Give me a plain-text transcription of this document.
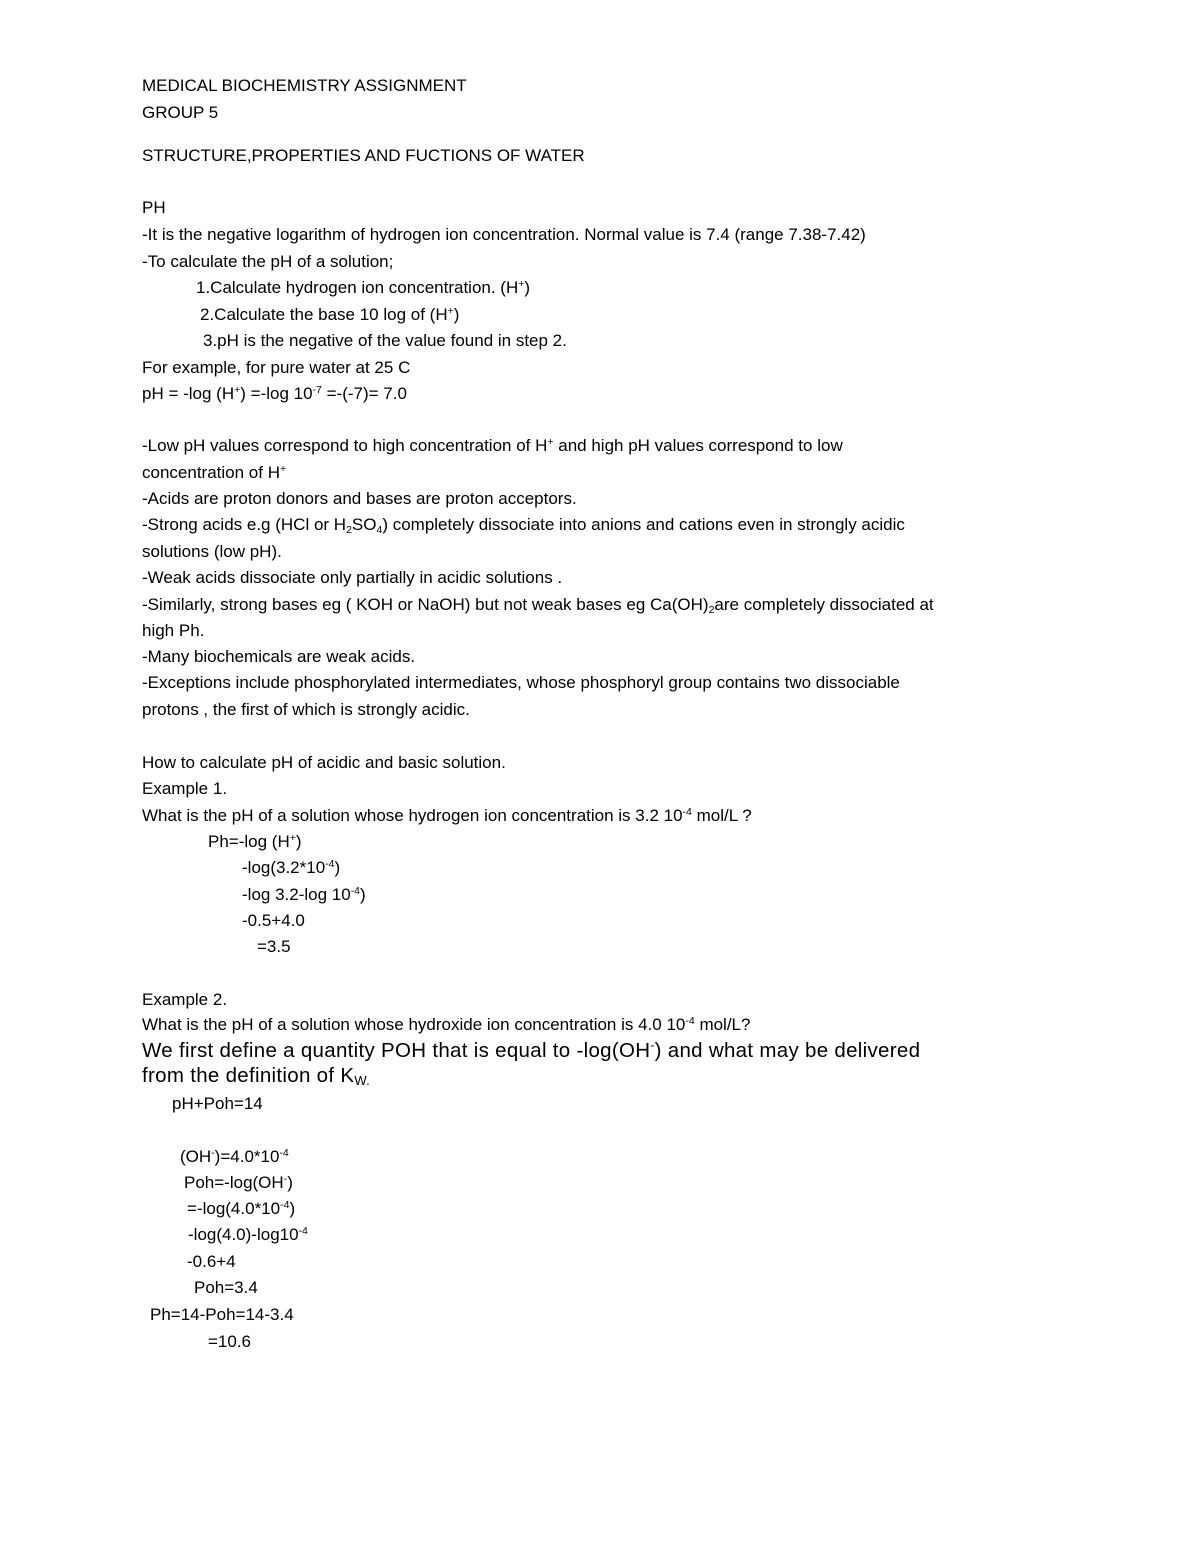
MEDICAL BIOCHEMISTRY ASSIGNMENT
GROUP 5
STRUCTURE,PROPERTIES AND FUCTIONS OF WATER
PH
-It is the negative logarithm of hydrogen ion concentration. Normal value is 7.4 (range 7.38-7.42)
-To calculate the pH of a solution;
1.Calculate hydrogen ion concentration. (H+)
2.Calculate the base 10 log of (H+)
3.pH is the negative of the value found in step 2.
For example, for pure water at 25 C
pH = -log (H+) =-log $10^{-7} =-(-7)= 7.0$
-Low pH values correspond to high concentration of H+ and high pH values correspond to low
concentration of H+
-Acids are proton donors and bases are proton acceptors.
-Strong acids e.g (HCl or $H_2SO_4$) completely dissociate into anions and cations even in strongly acidic
solutions (low pH).
-Weak acids dissociate only partially in acidic solutions .
-Similarly, strong bases eg ( KOH or NaOH) but not weak bases eg $Ca(OH)_2are$ completely dissociated at
high Ph.
-Many biochemicals are weak acids.
-Exceptions include phosphorylated intermediates, whose phosphoryl group contains two dissociable
protons , the first of which is strongly acidic.
How to calculate pH of acidic and basic solution.
Example 1.
What is the pH of a solution whose hydrogen ion concentration is 3.2 $10^{-4}$ mol/L ?
Ph=-log (H+)
$-\log(3.2*10^{-4})$
-log 3.2-log $10^{-4}$)
-0.5+4.0
=3.5
Example 2.
What is the pH of a solution whose hydroxide ion concentration is 4.0 $10^{-4}$ mol/L?
We first define a quantity POH that is equal to -log(OH-) and what may be delivered
from the definition of $K_{W.}$
pH+Poh=14
$(OH^-)=4.0*10^{-4}$
Poh=-log(OH-)
$=-\log(4.0*10^{-4})$
$-\log(4.0)-\log 10^{-4}$
-0.6+4
Poh=3.4
Ph=14-Poh=14-3.4
=10.6
